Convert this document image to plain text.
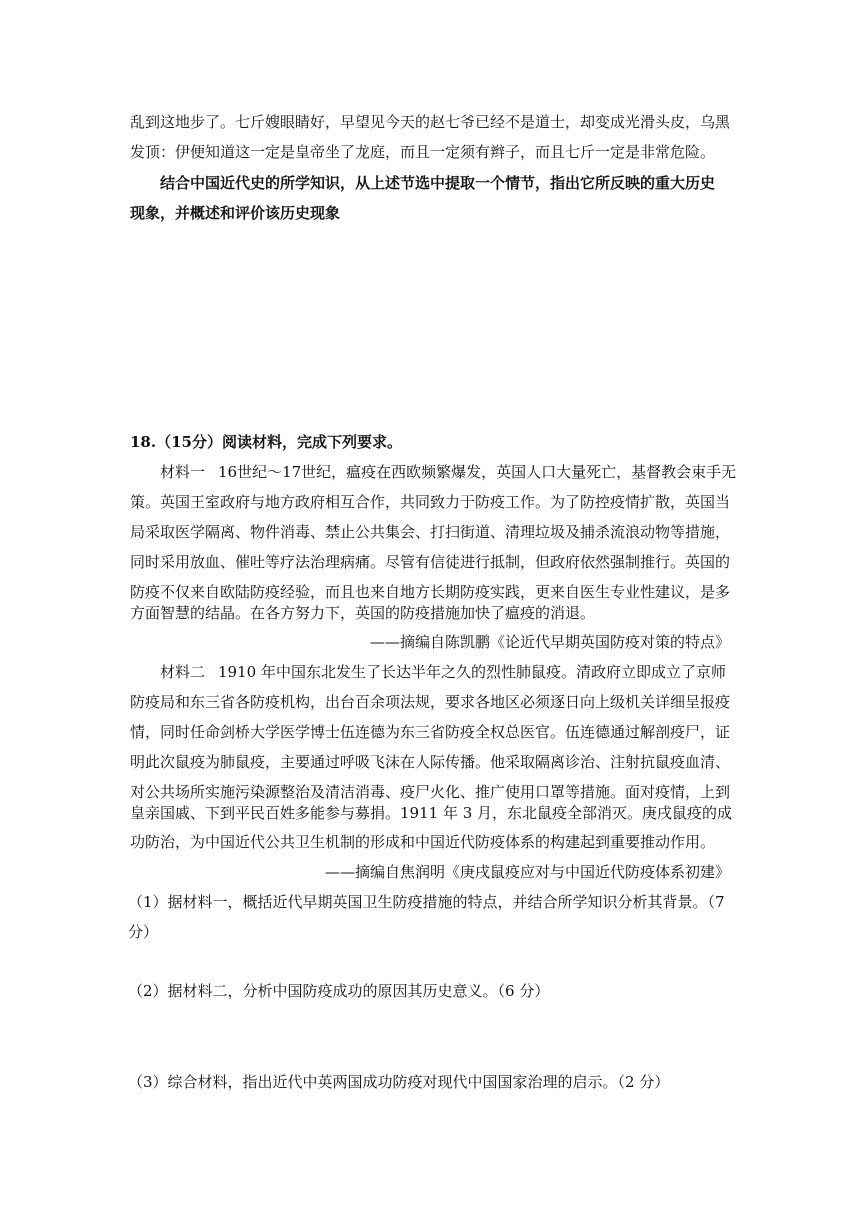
乱到这地步了。七斤嫂眼睛好，早望见今天的赵七爷已经不是道士，却变成光滑头皮，乌黑
发顶：伊便知道这一定是皇帝坐了龙庭，而且一定须有辫子，而且七斤一定是非常危险。
结合中国近代史的所学知识，从上述节选中提取一个情节，指出它所反映的重大历史
现象，并概述和评价该历史现象
18.（15分）阅读材料，完成下列要求。
材料一 16世纪～17世纪，瘟疫在西欧频繁爆发，英国人口大量死亡，基督教会束手无
策。英国王室政府与地方政府相互合作，共同致力于防疫工作。为了防控疫情扩散，英国当
局采取医学隔离、物件消毒、禁止公共集会、打扫街道、清理垃圾及捕杀流浪动物等措施，
同时采用放血、催吐等疗法治理病痛。尽管有信徒进行抵制，但政府依然强制推行。英国的
防疫不仅来自欧陆防疫经验，而且也来自地方长期防疫实践，更来自医生专业性建议，是多
方面智慧的结晶。在各方努力下，英国的防疫措施加快了瘟疫的消退。
——摘编自陈凯鹏《论近代早期英国防疫对策的特点》
材料二 1910 年中国东北发生了长达半年之久的烈性肺鼠疫。清政府立即成立了京师
防疫局和东三省各防疫机构，出台百余项法规，要求各地区必须逐日向上级机关详细呈报疫
情，同时任命剑桥大学医学博士伍连德为东三省防疫全权总医官。伍连德通过解剖疫尸，证
明此次鼠疫为肺鼠疫，主要通过呼吸飞沫在人际传播。他采取隔离诊治、注射抗鼠疫血清、
对公共场所实施污染源整治及清洁消毒、疫尸火化、推广使用口罩等措施。面对疫情，上到
皇亲国戚、下到平民百姓多能参与募捐。1911 年 3 月，东北鼠疫全部消灭。庚戌鼠疫的成
功防治，为中国近代公共卫生机制的形成和中国近代防疫体系的构建起到重要推动作用。
——摘编自焦润明《庚戌鼠疫应对与中国近代防疫体系初建》
（1）据材料一，概括近代早期英国卫生防疫措施的特点，并结合所学知识分析其背景。（7
分）
（2）据材料二，分析中国防疫成功的原因其历史意义。（6 分）
（3）综合材料，指出近代中英两国成功防疫对现代中国国家治理的启示。（2 分）
